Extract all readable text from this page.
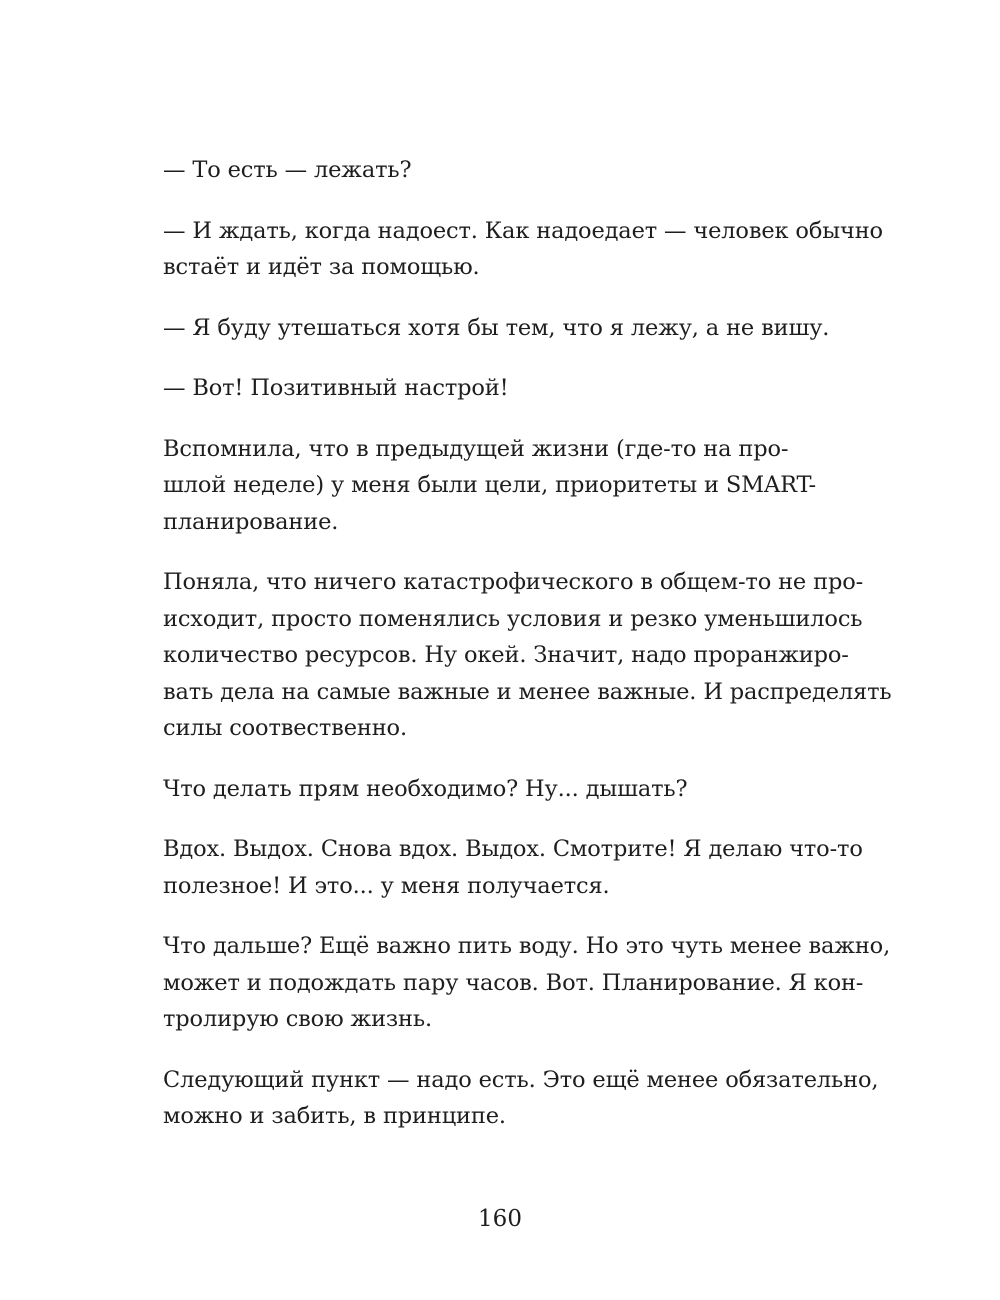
— То есть — лежать?

— И ждать, когда надоест. Как надоедает — человек обычно
встаёт и идёт за помощью.

— Я буду утешаться хотя бы тем, что я лежу, а не вишу.

— Вот! Позитивный настрой!

Вспомнила, что в предыдущей жизни (где-то на про-
шлой неделе) у меня были цели, приоритеты и SMART-
планирование.

Поняла, что ничего катастрофического в общем-то не про-
исходит, просто поменялись условия и резко уменьшилось
количество ресурсов. Ну окей. Значит, надо проранжиро-
вать дела на самые важные и менее важные. И распределять
силы соотвественно.

Что делать прям необходимо? Ну... дышать?

Вдох. Выдох. Снова вдох. Выдох. Смотрите! Я делаю что-то
полезное! И это... у меня получается.

Что дальше? Ещё важно пить воду. Но это чуть менее важно,
может и подождать пару часов. Вот. Планирование. Я кон-
тролирую свою жизнь.

Следующий пункт — надо есть. Это ещё менее обязательно,
можно и забить, в принципе.

160
